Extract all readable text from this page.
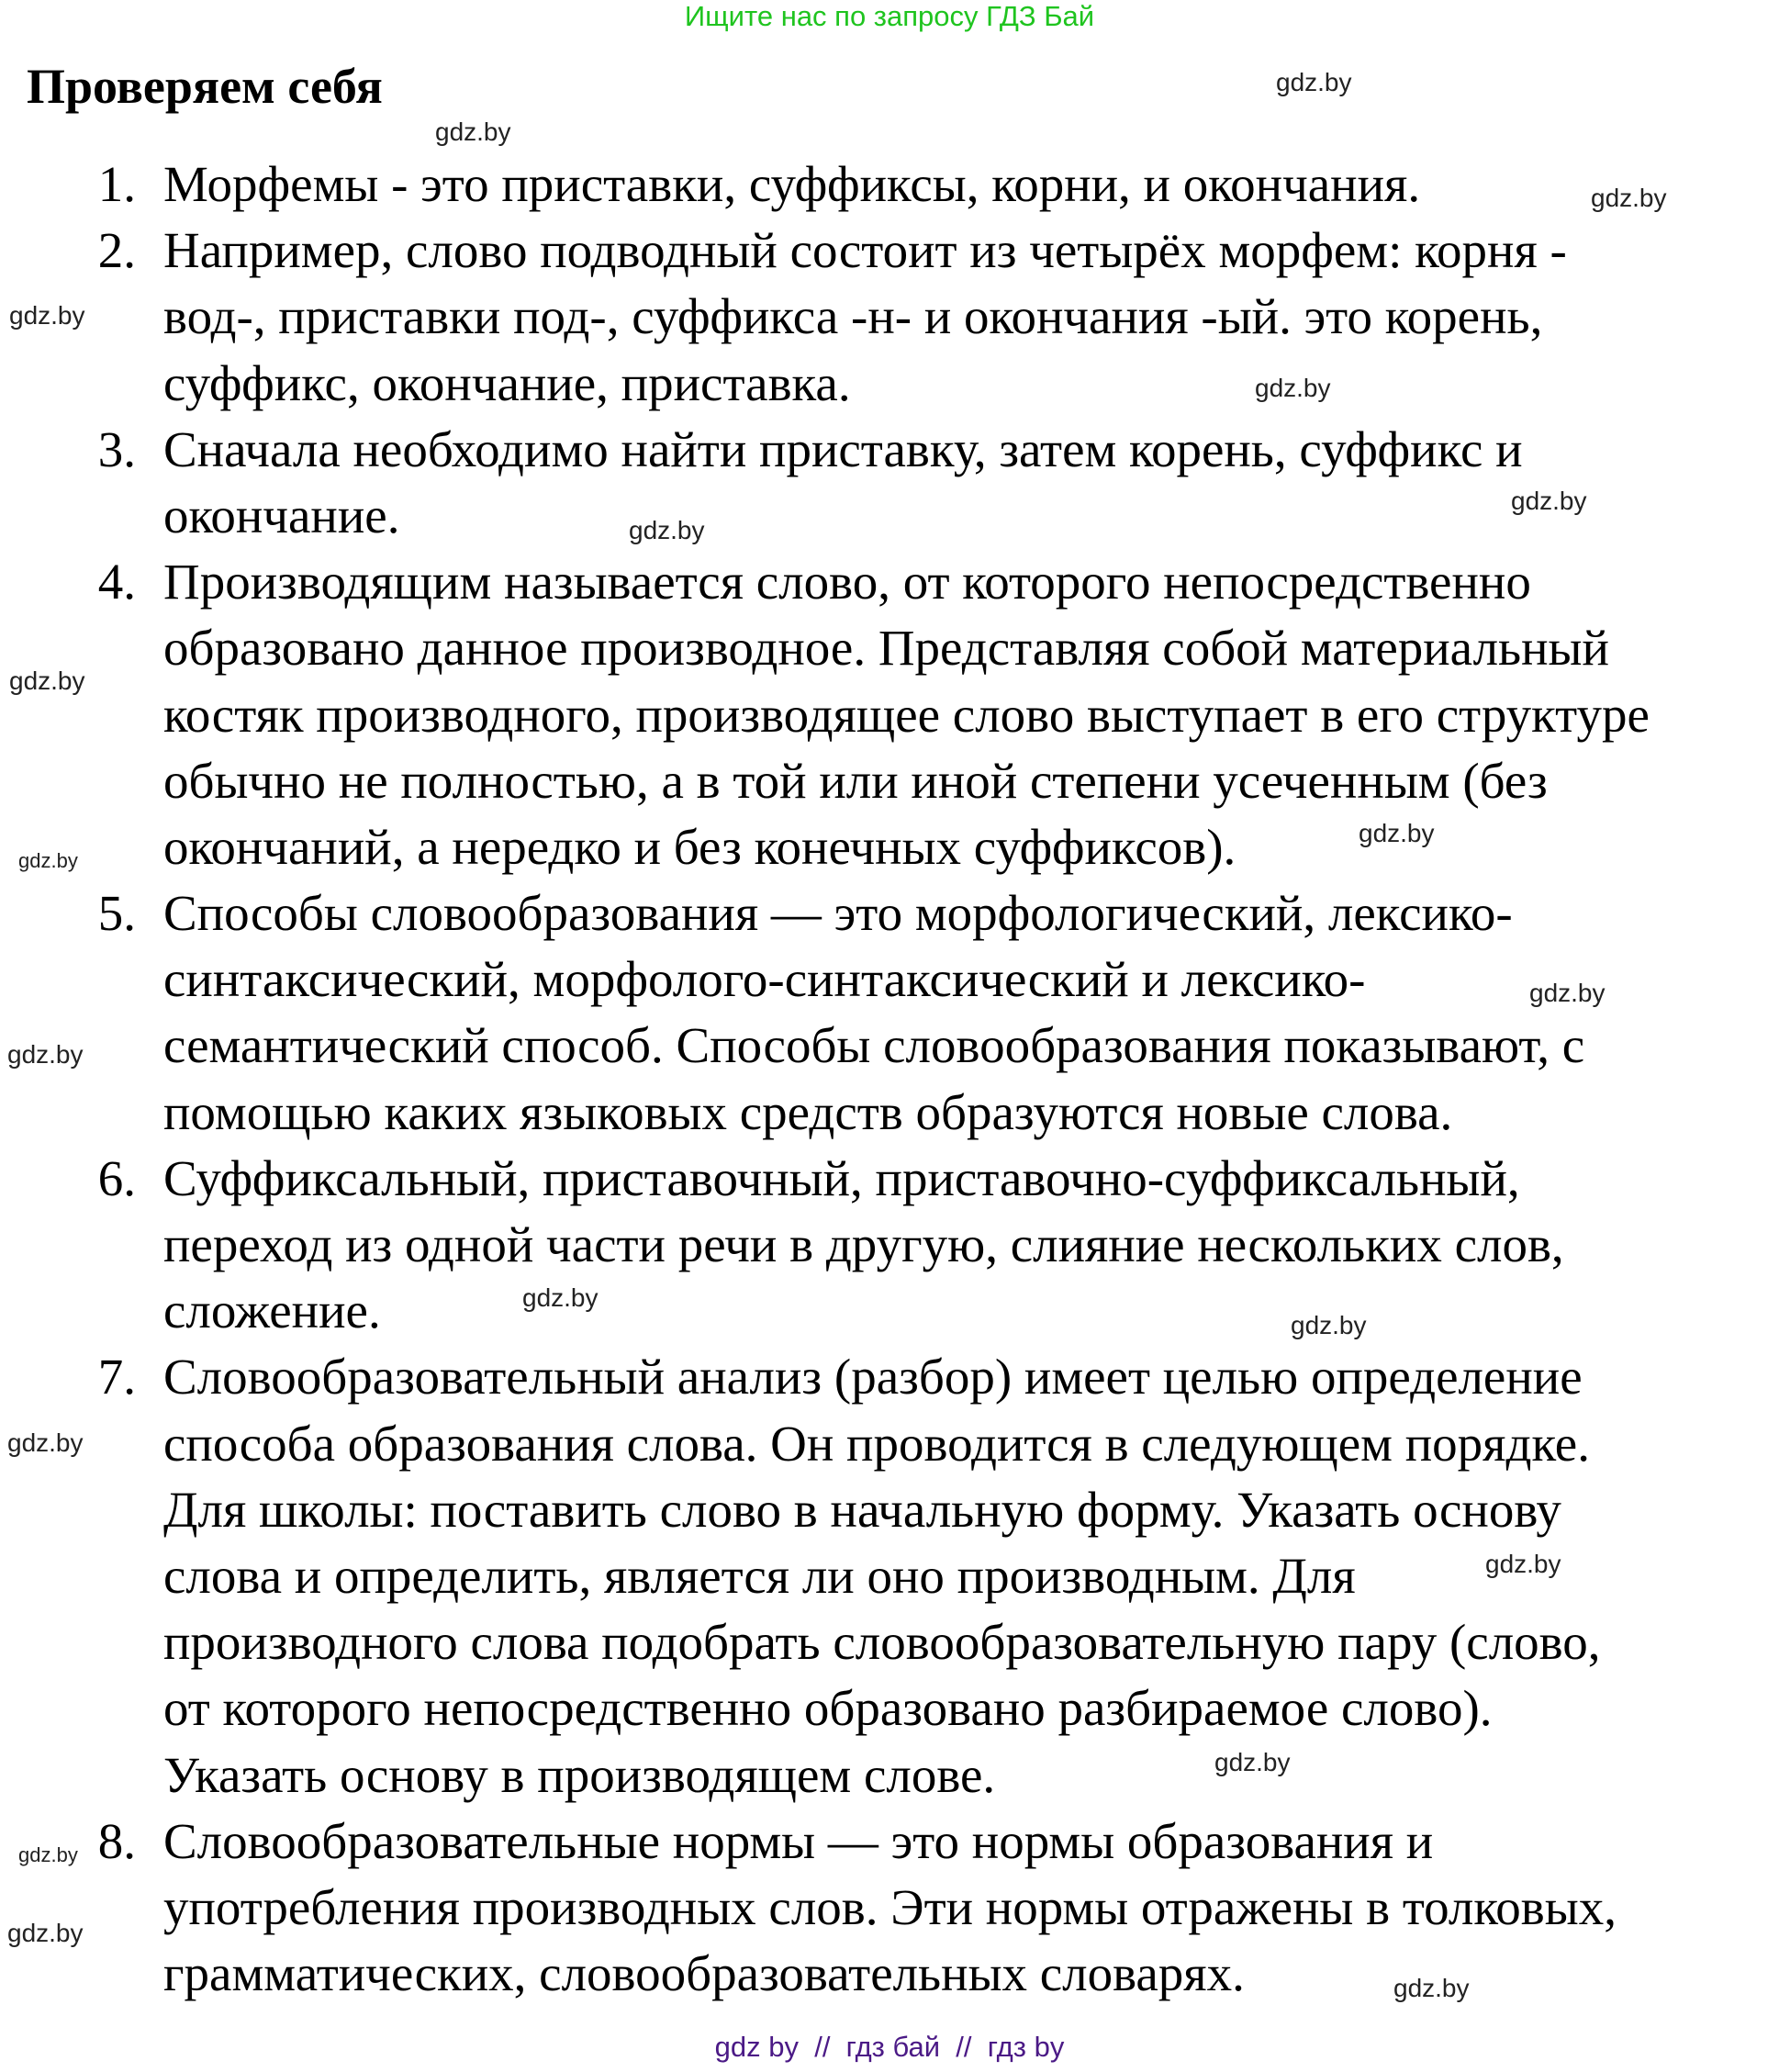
Ищите нас по запросу ГДЗ Бай
Проверяем себя
1. Морфемы - это приставки, суффиксы, корни, и окончания.
2. Например, слово подводный состоит из четырёх морфем: корня -
вод-, приставки под-, суффикса -н- и окончания -ый. это корень,
суффикс, окончание, приставка.
3. Сначала необходимо найти приставку, затем корень, суффикс и
окончание.
4. Производящим называется слово, от которого непосредственно
образовано данное производное. Представляя собой материальный
костяк производного, производящее слово выступает в его структуре
обычно не полностью, а в той или иной степени усеченным (без
окончаний, а нередко и без конечных суффиксов).
5. Способы словообразования — это морфологический, лексико-
синтаксический, морфолого-синтаксический и лексико-
семантический способ. Способы словообразования показывают, с
помощью каких языковых средств образуются новые слова.
6. Суффиксальный, приставочный, приставочно-суффиксальный,
переход из одной части речи в другую, слияние нескольких слов,
сложение.
7. Словообразовательный анализ (разбор) имеет целью определение
способа образования слова. Он проводится в следующем порядке.
Для школы: поставить слово в начальную форму. Указать основу
слова и определить, является ли оно производным. Для
производного слова подобрать словообразовательную пару (слово,
от которого непосредственно образовано разбираемое слово).
Указать основу в производящем слове.
8. Словообразовательные нормы — это нормы образования и
употребления производных слов. Эти нормы отражены в толковых,
грамматических, словообразовательных словарях.
gdz.by
gdz.by
gdz.by
gdz.by
gdz.by
gdz.by
gdz.by
gdz.by
gdz.by
gdz.by
gdz.by
gdz.by
gdz.by
gdz.by
gdz.by
gdz.by
gdz.by
gdz.by
gdz.by
gdz.by
gdz by  //  гдз бай  //  гдз by
